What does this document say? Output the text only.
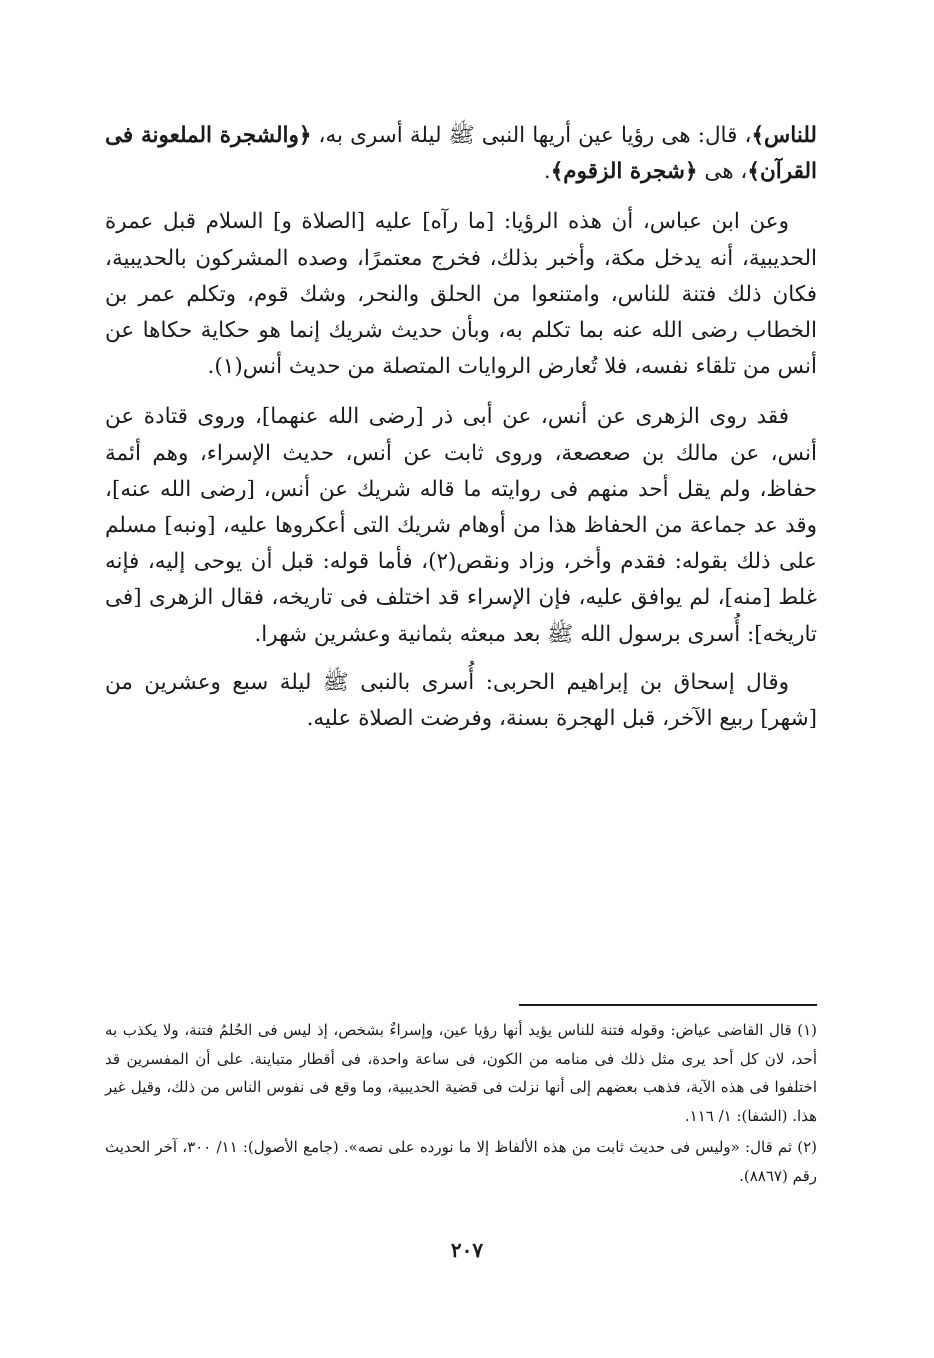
للناس﴾، قال: هى رؤيا عين أريها النبى ﷺ ليلة أسرى به، ﴿والشجرة الملعونة فى القرآن﴾، هى ﴿شجرة الزقوم﴾.

وعن ابن عباس، أن هذه الرؤيا: [ما رآه] عليه [الصلاة و] السلام قبل عمرة الحديبية، أنه يدخل مكة، وأخبر بذلك، فخرج معتمرًا، وصده المشركون بالحديبية، فكان ذلك فتنة للناس، وامتنعوا من الحلق والنحر، وشك قوم، وتكلم عمر بن الخطاب رضى الله عنه بما تكلم به، وبأن حديث شريك إنما هو حكاية حكاها عن أنس من تلقاء نفسه، فلا تُعارض الروايات المتصلة من حديث أنس(١).

فقد روى الزهرى عن أنس، عن أبى ذر [رضى الله عنهما]، وروى قتادة عن أنس، عن مالك بن صعصعة، وروى ثابت عن أنس، حديث الإسراء، وهم أئمة حفاظ، ولم يقل أحد منهم فى روايته ما قاله شريك عن أنس، [رضى الله عنه]، وقد عد جماعة من الحفاظ هذا من أوهام شريك التى أعكروها عليه، [ونبه] مسلم على ذلك بقوله: فقدم وأخر، وزاد ونقص(٢)، فأما قوله: قبل أن يوحى إليه، فإنه غلط [منه]، لم يوافق عليه، فإن الإسراء قد اختلف فى تاريخه، فقال الزهرى [فى تاريخه]: أُسرى برسول الله ﷺ بعد مبعثه بثمانية وعشرين شهرا.

وقال إسحاق بن إبراهيم الحربى: أُسرى بالنبى ﷺ ليلة سبع وعشرين من [شهر] ربيع الآخر، قبل الهجرة بسنة، وفرضت الصلاة عليه.

(١) قال القاضى عياض: وقوله فتنة للناس يؤيد أنها رؤيا عين، وإسراءٌ بشخص، إذ ليس فى الحُلمُ فتنة، ولا يكذب به أحد، لان كل أحد يرى مثل ذلك فى منامه من الكون، فى ساعة واحدة، فى أقطار متباينة. على أن المفسرين قد اختلفوا فى هذه الآية، فذهب بعضهم إلى أنها نزلت فى قضية الحديبية، وما وقع فى نفوس الناس من ذلك، وقيل غير هذا. (الشفا): ١/ ١١٦.

(٢) ثم قال: «وليس فى حديث ثابت من هذه الألفاظ إلا ما نورده على نصه». (جامع الأصول): ١١/ ٣٠٠، آخر الحديث رقم (٨٨٦٧).

٢٠٧
